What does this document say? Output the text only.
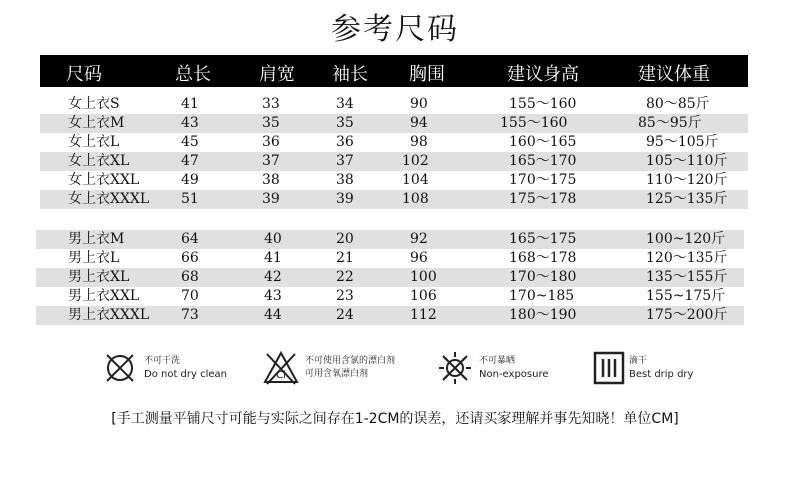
参考尺码
尺码	总长	肩宽 袖长 胸围	建议身高	建议体重
女上衣S	41	33	34	90	155～160	80～85斤
女上衣M	43	35	35	94	155～160	85～95斤
女上衣L	45	36	36	98	160～165	95～105斤
女上衣XL	47	37	37	102	165～170	105～110斤
女上衣XXL	49	38	38	104	170～175	110～120斤
女上衣XXXL 51	39	39	108	175～178	125～135斤
男上衣M	64	40	20	92	165～175	100~120斤
男上衣L	66	41	21	96	168～178	120～135斤
男上衣XL	68	42	22	100	170～180	135～155斤
男上衣XXL	70	43	23	106	170~185	155~175斤
男上衣XXXL 73	44	24	112	180～190	175～200斤
不可干洗
Do not dry clean	Cl
不可使用含氯的漂白剂
可用含氧漂白剂
不可暴晒
Non-exposure
滴干
Best drip dry
[手工测量平铺尺寸可能与实际之间存在1-2CM的误差，还请买家理解并事先知晓！单位CM]
